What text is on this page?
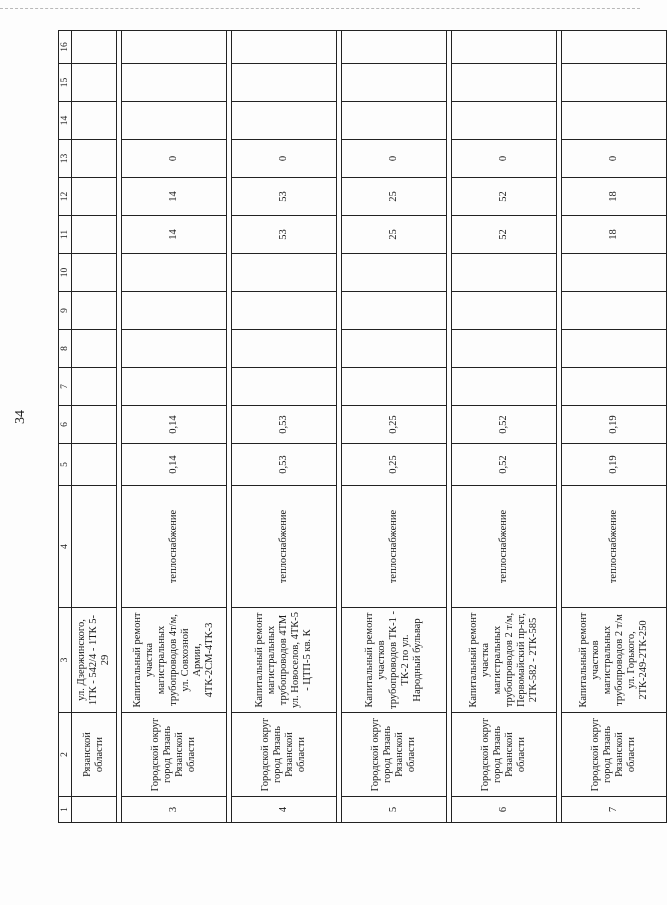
34
1	2	3	4	5	6	7	8	9	10	11	12	13	14	15	16
	Рязанской области	ул. Дзержинского, 1ТК - 542/4 - 1ТК 5-29													

3	Городской округ город Рязань Рязанской области	Капитальный ремонт участка магистральных трубопроводов 4т/м, ул. Совхозной Армии, 4ТК-2СМ-4ТК-3	теплоснабжение	0,14	0,14					14	14	0			

4	Городской округ город Рязань Рязанской области	Капитальный ремонт магистральных трубопроводов 4ТМ ул. Новоселов, 4ТК-5 - ЦТП-5 кв. К	теплоснабжение	0,53	0,53					53	53	0			

5	Городской округ город Рязань Рязанской области	Капитальный ремонт участков трубопроводов ТК-1 - ТК-2 по ул. Народный бульвар	теплоснабжение	0,25	0,25					25	25	0			

6	Городской округ город Рязань Рязанской области	Капитальный ремонт участка магистральных трубопроводов 2 т/м, Первомайский пр-кт, 2ТК-582 - 2ТК-585	теплоснабжение	0,52	0,52					52	52	0			

7	Городской округ город Рязань Рязанской области	Капитальный ремонт участков магистральных трубопроводов 2 т/м ул. Горького, 2ТК-249-2ТК-250	теплоснабжение	0,19	0,19					18	18	0			
